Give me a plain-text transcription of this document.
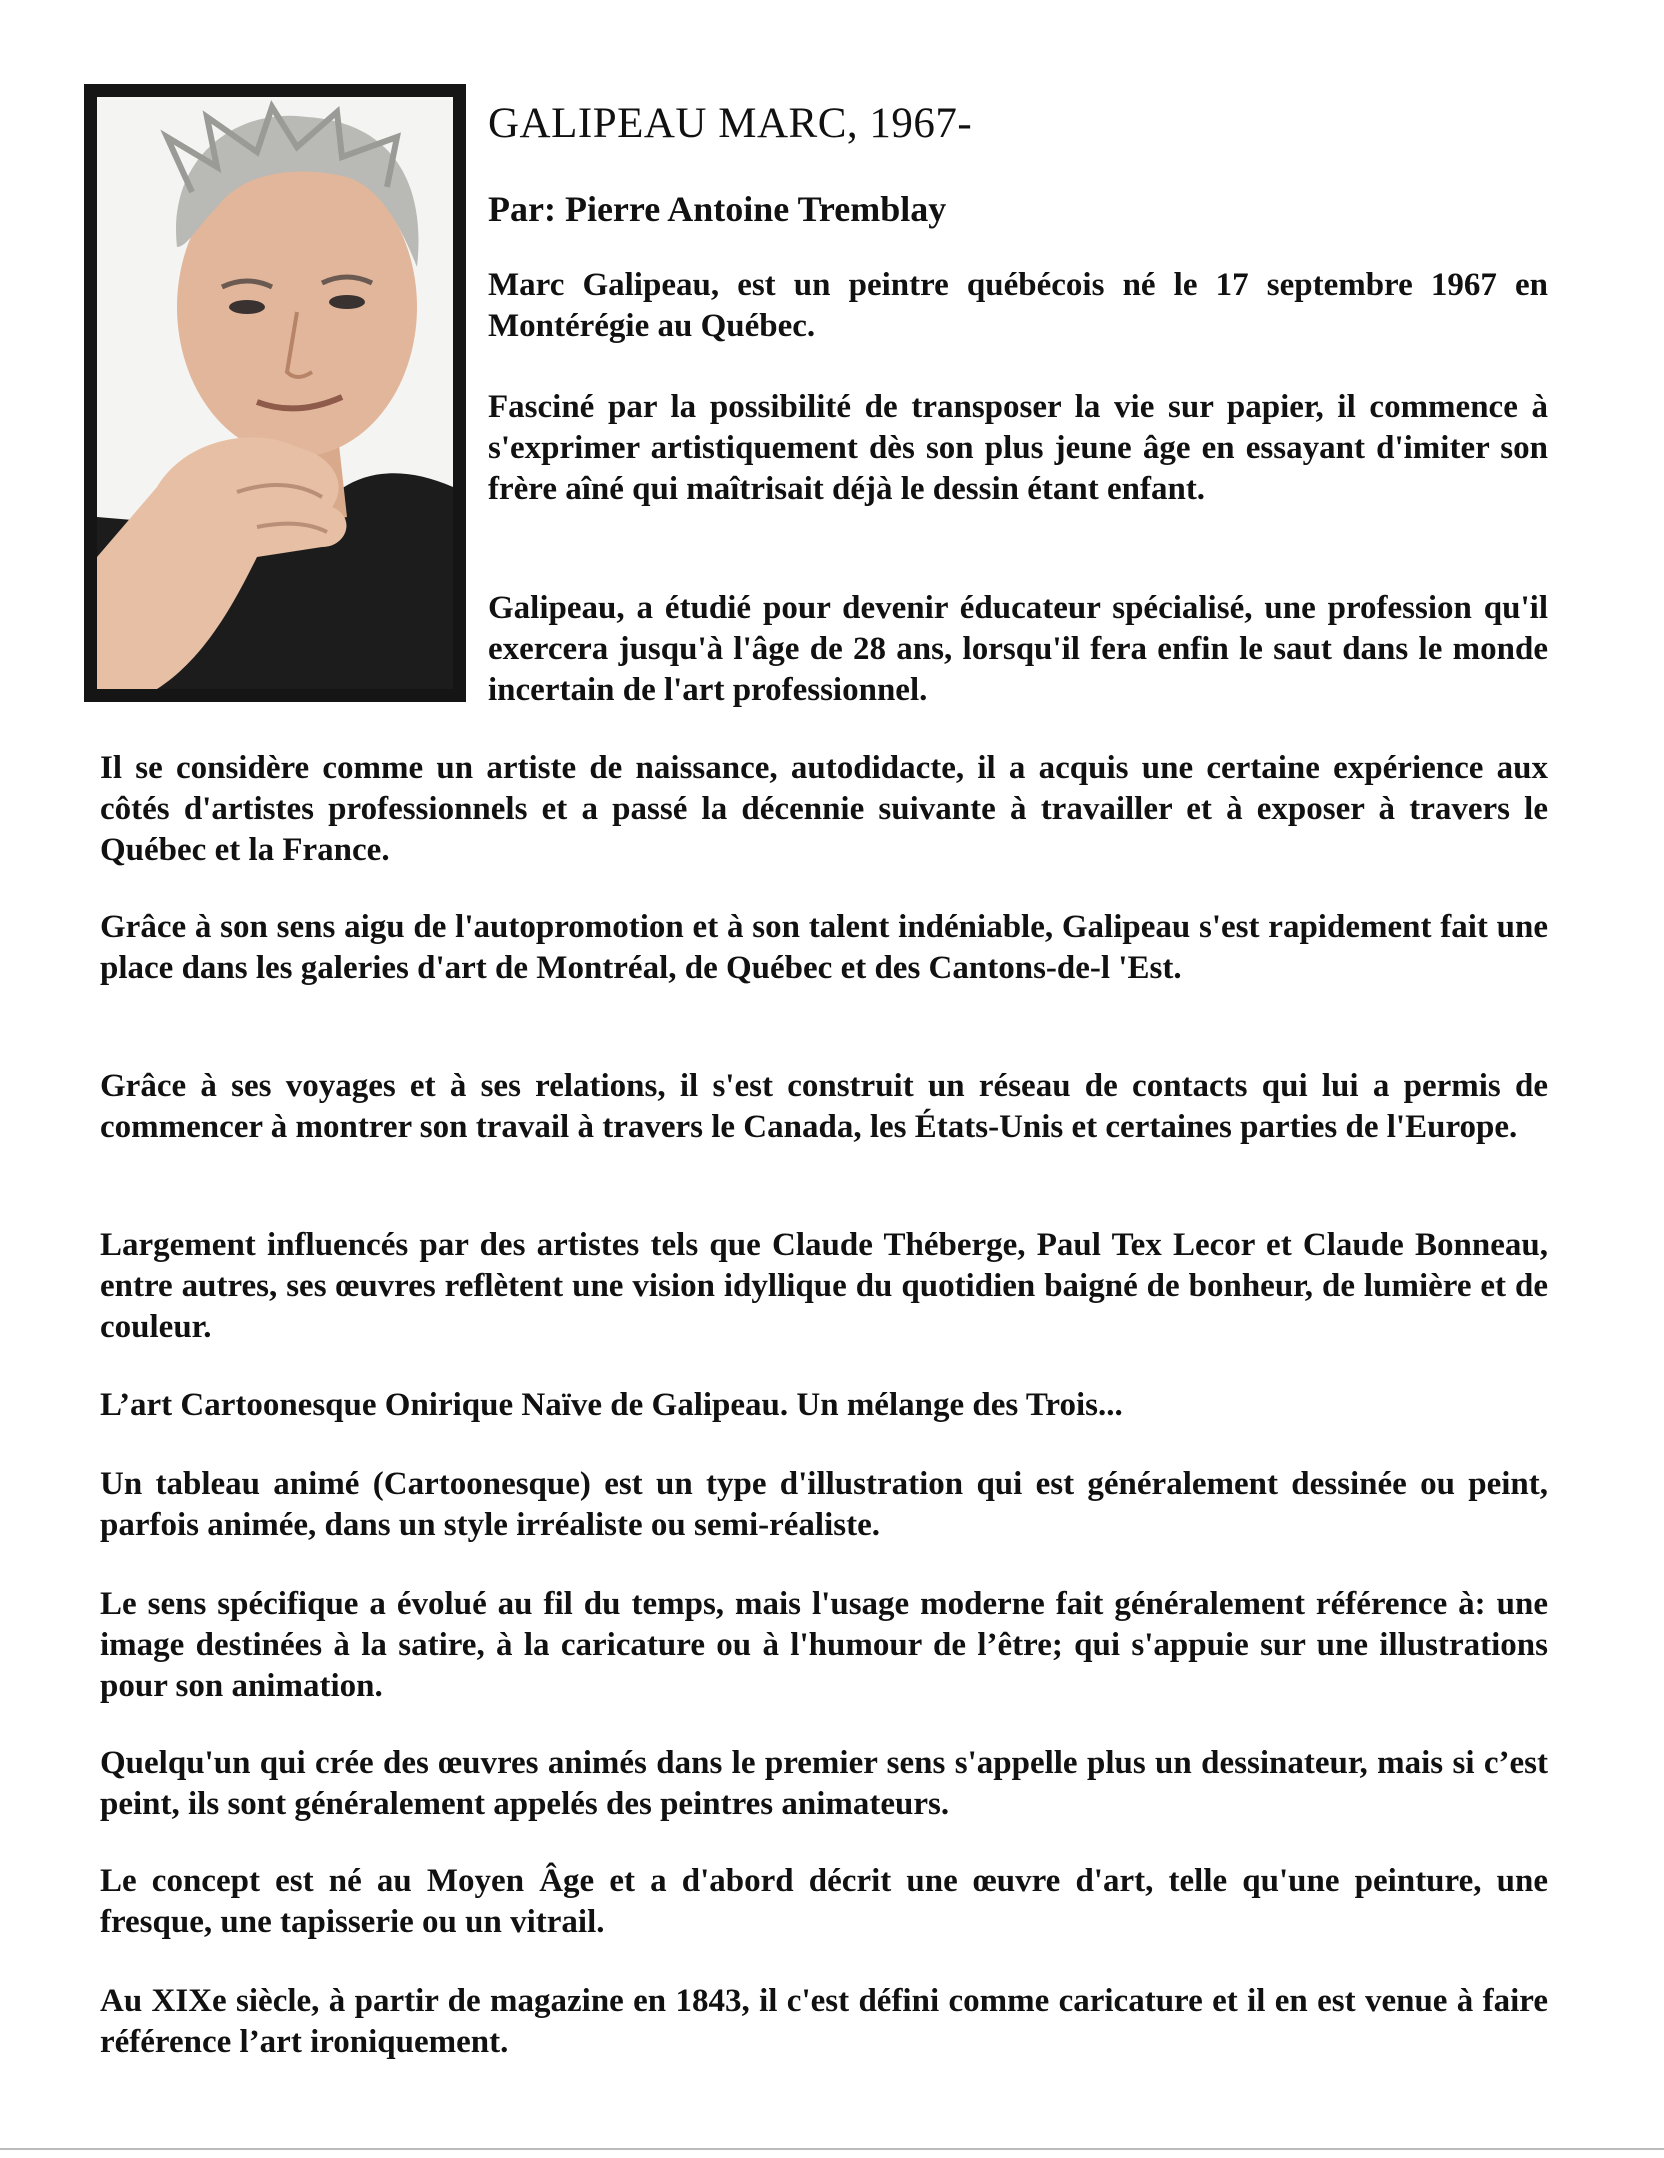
GALIPEAU MARC, 1967-

Par: Pierre Antoine Tremblay

Marc Galipeau, est un peintre québécois né le 17 septembre 1967 en Montérégie au Québec.

Fasciné par la possibilité de transposer la vie sur papier, il commence à s'exprimer artistiquement dès son plus jeune âge en essayant d'imiter son frère aîné qui maîtrisait déjà le dessin étant enfant.

Galipeau, a étudié pour devenir éducateur spécialisé, une profession qu'il exercera jusqu'à l'âge de 28 ans, lorsqu'il fera enfin le saut dans le monde incertain de l'art professionnel.

Il se considère comme un artiste de naissance, autodidacte, il a acquis une certaine expérience aux côtés d'artistes professionnels et a passé la décennie suivante à travailler et à exposer à travers le Québec et la France.

Grâce à son sens aigu de l'autopromotion et à son talent indéniable, Galipeau s'est rapidement fait une place dans les galeries d'art de Montréal, de Québec et des Cantons-de-l 'Est.

Grâce à ses voyages et à ses relations, il s'est construit un réseau de contacts qui lui a permis de commencer à montrer son travail à travers le Canada, les États-Unis et certaines parties de l'Europe.

Largement influencés par des artistes tels que Claude Théberge, Paul Tex Lecor et Claude Bonneau, entre autres, ses œuvres reflètent une vision idyllique du quotidien baigné de bonheur, de lumière et de couleur.

L’art Cartoonesque Onirique Naïve de Galipeau. Un mélange des Trois...

Un tableau animé (Cartoonesque) est un type d'illustration qui est généralement dessinée ou peint, parfois animée, dans un style irréaliste ou semi-réaliste.

Le sens spécifique a évolué au fil du temps, mais l'usage moderne fait généralement référence à: une image destinées à la satire, à la caricature ou à l'humour de l’être; qui s'appuie sur une illustrations pour son animation.

Quelqu'un qui crée des œuvres animés dans le premier sens s'appelle plus un dessinateur, mais si c’est peint, ils sont généralement appelés des peintres animateurs.

Le concept est né au Moyen Âge et a d'abord décrit une œuvre d'art, telle qu'une peinture, une fresque, une tapisserie ou un vitrail.

Au XIXe siècle, à partir de magazine en 1843, il c'est défini comme caricature et il en est venue à faire référence l’art ironiquement.
